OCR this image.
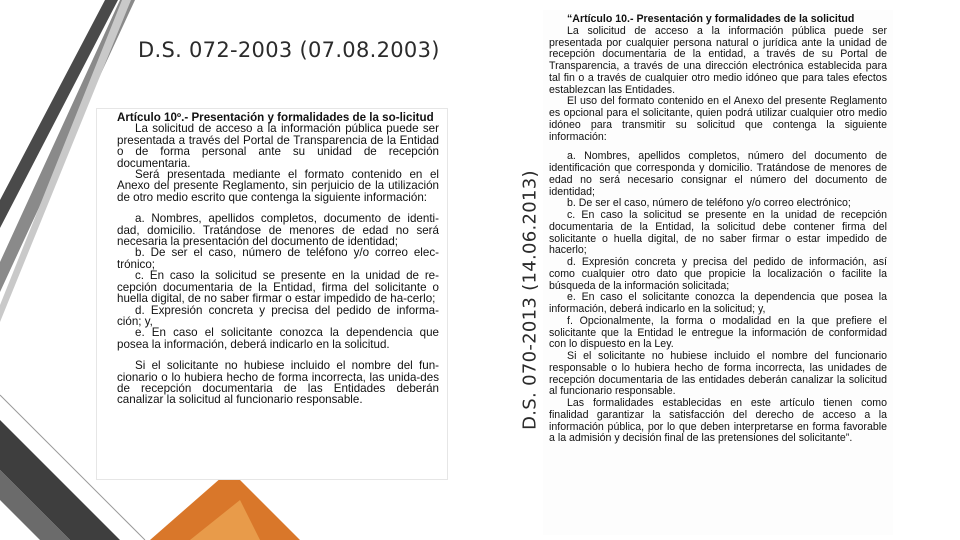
D.S. 072-2003 (07.08.2003)
D.S. 070-2013 (14.06.2013)

Artículo 10º.- Presentación y formalidades de la so-licitud

La solicitud de acceso a la información pública puede ser presentada a través del Portal de Transparencia de la Entidad o de forma personal ante su unidad de recepción documentaria.

Será presentada mediante el formato contenido en el Anexo del presente Reglamento, sin perjuicio de la utilización de otro medio escrito que contenga la siguiente información:

a. Nombres, apellidos completos, documento de identi-dad, domicilio. Tratándose de menores de edad no será necesaria la presentación del documento de identidad;

b. De ser el caso, número de teléfono y/o correo elec-trónico;

c. En caso la solicitud se presente en la unidad de re-cepción documentaria de la Entidad, firma del solicitante o huella digital, de no saber firmar o estar impedido de ha-cerlo;

d. Expresión concreta y precisa del pedido de informa-ción; y,

e. En caso el solicitante conozca la dependencia que posea la información, deberá indicarlo en la solicitud.

Si el solicitante no hubiese incluido el nombre del fun-cionario o lo hubiera hecho de forma incorrecta, las unida-des de recepción documentaria de las Entidades deberán canalizar la solicitud al funcionario responsable.

“Artículo 10.- Presentación y formalidades de la solicitud

La solicitud de acceso a la información pública puede ser presentada por cualquier persona natural o jurídica ante la unidad de recepción documentaria de la entidad, a través de su Portal de Transparencia, a través de una dirección electrónica establecida para tal fin o a través de cualquier otro medio idóneo que para tales efectos establezcan las Entidades.

El uso del formato contenido en el Anexo del presente Reglamento es opcional para el solicitante, quien podrá utilizar cualquier otro medio idóneo para transmitir su solicitud que contenga la siguiente información:

a. Nombres, apellidos completos, número del documento de identificación que corresponda y domicilio. Tratándose de menores de edad no será necesario consignar el número del documento de identidad;

b. De ser el caso, número de teléfono y/o correo electrónico;

c. En caso la solicitud se presente en la unidad de recepción documentaria de la Entidad, la solicitud debe contener firma del solicitante o huella digital, de no saber firmar o estar impedido de hacerlo;

d. Expresión concreta y precisa del pedido de información, así como cualquier otro dato que propicie la localización o facilite la búsqueda de la información solicitada;

e. En caso el solicitante conozca la dependencia que posea la información, deberá indicarlo en la solicitud; y,

f. Opcionalmente, la forma o modalidad en la que prefiere el solicitante que la Entidad le entregue la información de conformidad con lo dispuesto en la Ley.

Si el solicitante no hubiese incluido el nombre del funcionario responsable o lo hubiera hecho de forma incorrecta, las unidades de recepción documentaria de las entidades deberán canalizar la solicitud al funcionario responsable.

Las formalidades establecidas en este artículo tienen como finalidad garantizar la satisfacción del derecho de acceso a la información pública, por lo que deben interpretarse en forma favorable a la admisión y decisión final de las pretensiones del solicitante”.
